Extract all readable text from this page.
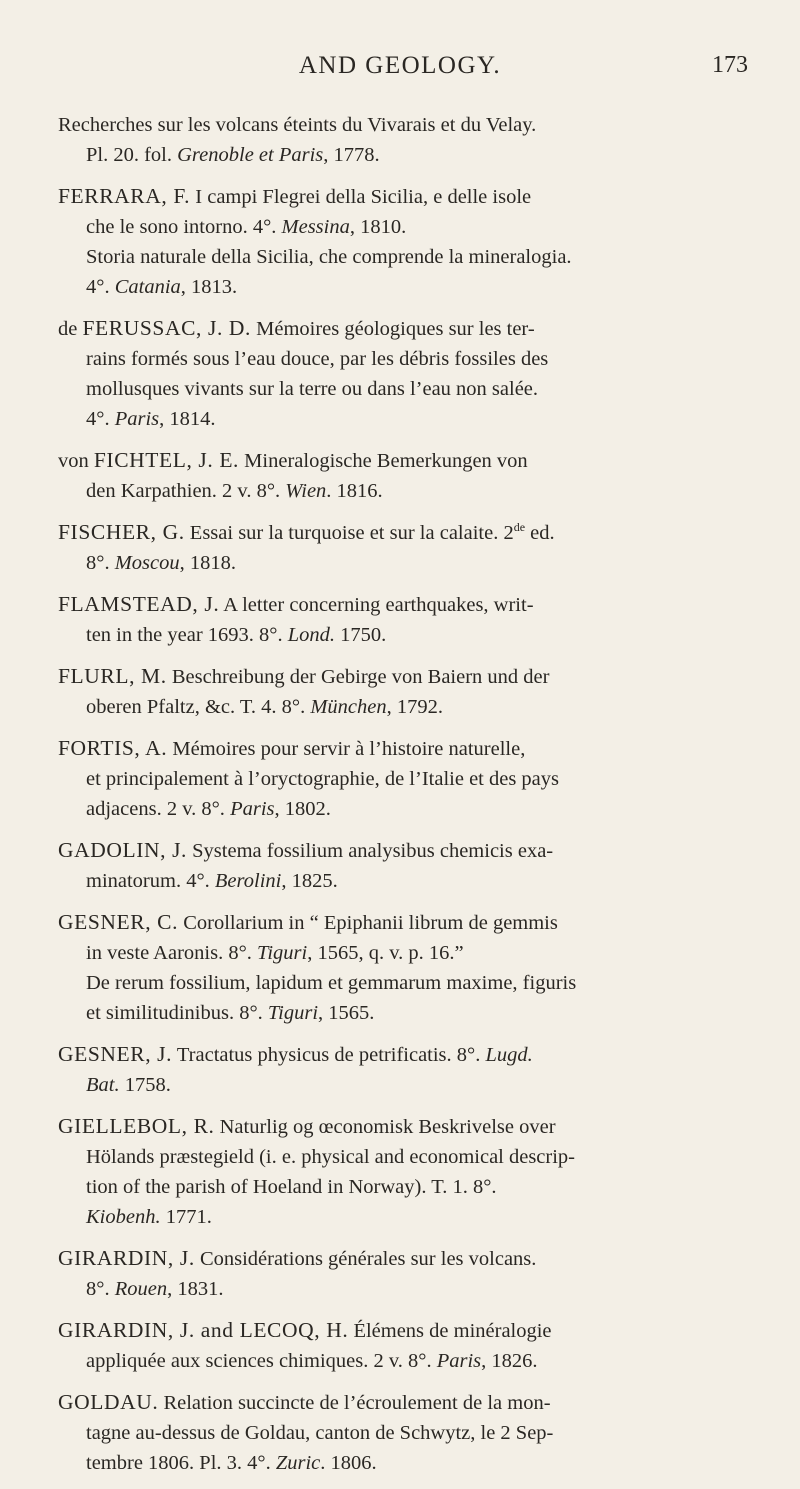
AND GEOLOGY.	173
Recherches sur les volcans éteints du Vivarais et du Velay.
Pl. 20. fol. Grenoble et Paris, 1778.
FERRARA, F. I campi Flegrei della Sicilia, e delle isole
che le sono intorno. 4°. Messina, 1810.
Storia naturale della Sicilia, che comprende la mineralogia.
4°. Catania, 1813.
de FERUSSAC, J. D. Mémoires géologiques sur les ter-
rains formés sous l’eau douce, par les débris fossiles des
mollusques vivants sur la terre ou dans l’eau non salée.
4°. Paris, 1814.
von FICHTEL, J. E. Mineralogische Bemerkungen von
den Karpathien. 2 v. 8°. Wien. 1816.
FISCHER, G. Essai sur la turquoise et sur la calaite. 2de ed.
8°. Moscou, 1818.
FLAMSTEAD, J. A letter concerning earthquakes, writ-
ten in the year 1693. 8°. Lond. 1750.
FLURL, M. Beschreibung der Gebirge von Baiern und der
oberen Pfaltz, &c. T. 4. 8°. München, 1792.
FORTIS, A. Mémoires pour servir à l’histoire naturelle,
et principalement à l’oryctographie, de l’Italie et des pays
adjacens. 2 v. 8°. Paris, 1802.
GADOLIN, J. Systema fossilium analysibus chemicis exa-
minatorum. 4°. Berolini, 1825.
GESNER, C. Corollarium in “ Epiphanii librum de gemmis
in veste Aaronis. 8°. Tiguri, 1565, q. v. p. 16.”
De rerum fossilium, lapidum et gemmarum maxime, figuris
et similitudinibus. 8°. Tiguri, 1565.
GESNER, J. Tractatus physicus de petrificatis. 8°. Lugd.
Bat. 1758.
GIELLEBOL, R. Naturlig og œconomisk Beskrivelse over
Hölands præstegield (i. e. physical and economical descrip-
tion of the parish of Hoeland in Norway). T. 1. 8°.
Kiobenh. 1771.
GIRARDIN, J. Considérations générales sur les volcans.
8°. Rouen, 1831.
GIRARDIN, J. and LECOQ, H. Élémens de minéralogie
appliquée aux sciences chimiques. 2 v. 8°. Paris, 1826.
GOLDAU. Relation succincte de l’écroulement de la mon-
tagne au-dessus de Goldau, canton de Schwytz, le 2 Sep-
tembre 1806. Pl. 3. 4°. Zuric. 1806.
